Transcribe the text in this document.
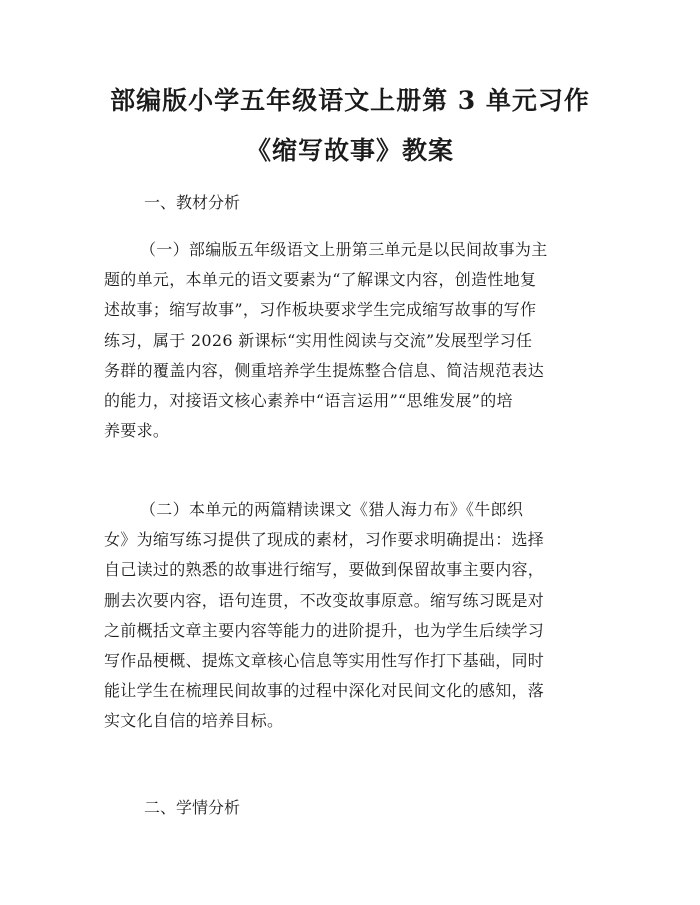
部编版小学五年级语文上册第 3 单元习作
《缩写故事》教案
一、教材分析
（一）部编版五年级语文上册第三单元是以民间故事为主
题的单元，本单元的语文要素为“了解课文内容，创造性地复
述故事；缩写故事”，习作板块要求学生完成缩写故事的写作
练习，属于 2026 新课标“实用性阅读与交流”发展型学习任
务群的覆盖内容，侧重培养学生提炼整合信息、简洁规范表达
的能力，对接语文核心素养中“语言运用”“思维发展”的培
养要求。
（二）本单元的两篇精读课文《猎人海力布》《牛郎织
女》为缩写练习提供了现成的素材，习作要求明确提出：选择
自己读过的熟悉的故事进行缩写，要做到保留故事主要内容，
删去次要内容，语句连贯，不改变故事原意。缩写练习既是对
之前概括文章主要内容等能力的进阶提升，也为学生后续学习
写作品梗概、提炼文章核心信息等实用性写作打下基础，同时
能让学生在梳理民间故事的过程中深化对民间文化的感知，落
实文化自信的培养目标。
二、学情分析
